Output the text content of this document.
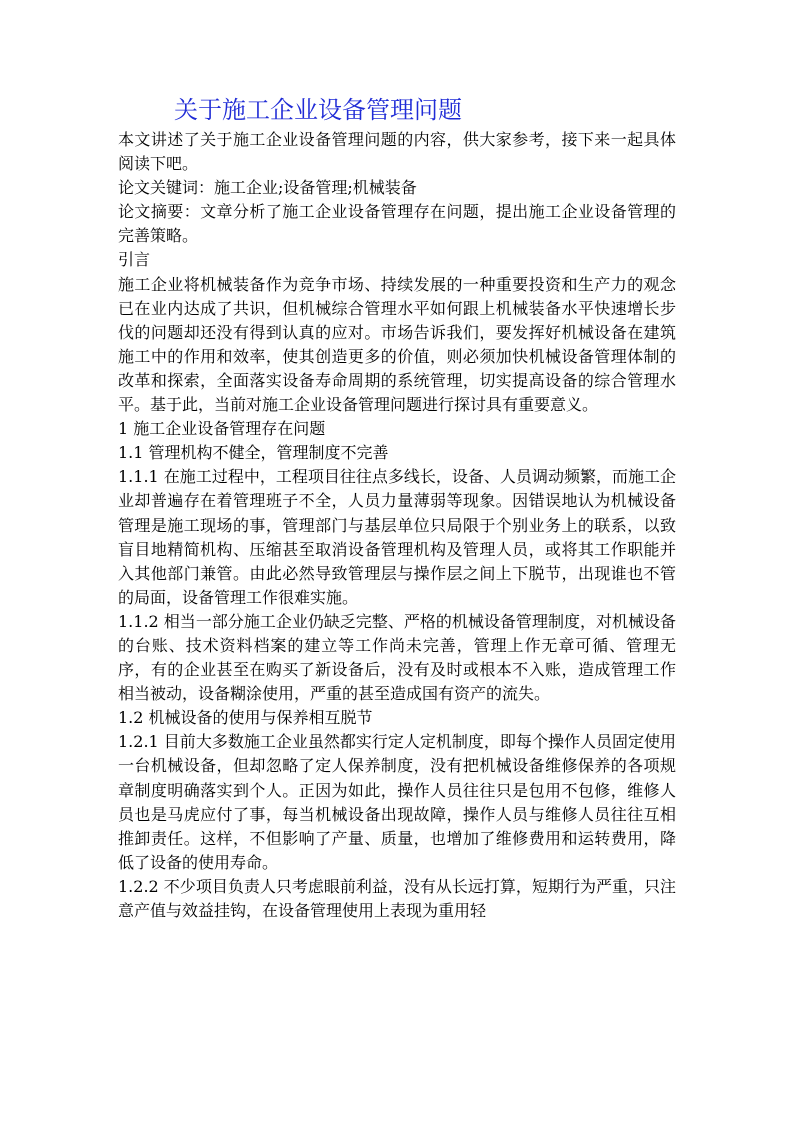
关于施工企业设备管理问题

本文讲述了关于施工企业设备管理问题的内容，供大家参考，接下来一起具体阅读下吧。

论文关键词：施工企业;设备管理;机械装备

论文摘要：文章分析了施工企业设备管理存在问题，提出施工企业设备管理的完善策略。

引言

施工企业将机械装备作为竞争市场、持续发展的一种重要投资和生产力的观念已在业内达成了共识，但机械综合管理水平如何跟上机械装备水平快速增长步伐的问题却还没有得到认真的应对。市场告诉我们，要发挥好机械设备在建筑施工中的作用和效率，使其创造更多的价值，则必须加快机械设备管理体制的改革和探索，全面落实设备寿命周期的系统管理，切实提高设备的综合管理水平。基于此，当前对施工企业设备管理问题进行探讨具有重要意义。

1 施工企业设备管理存在问题

1.1 管理机构不健全，管理制度不完善

1.1.1 在施工过程中，工程项目往往点多线长，设备、人员调动频繁，而施工企业却普遍存在着管理班子不全，人员力量薄弱等现象。因错误地认为机械设备管理是施工现场的事，管理部门与基层单位只局限于个别业务上的联系，以致盲目地精简机构、压缩甚至取消设备管理机构及管理人员，或将其工作职能并入其他部门兼管。由此必然导致管理层与操作层之间上下脱节，出现谁也不管的局面，设备管理工作很难实施。

1.1.2 相当一部分施工企业仍缺乏完整、严格的机械设备管理制度，对机械设备的台账、技术资料档案的建立等工作尚未完善，管理上作无章可循、管理无序，有的企业甚至在购买了新设备后，没有及时或根本不入账，造成管理工作相当被动，设备糊涂使用，严重的甚至造成国有资产的流失。

1.2 机械设备的使用与保养相互脱节

1.2.1 目前大多数施工企业虽然都实行定人定机制度，即每个操作人员固定使用一台机械设备，但却忽略了定人保养制度，没有把机械设备维修保养的各项规章制度明确落实到个人。正因为如此，操作人员往往只是包用不包修，维修人员也是马虎应付了事，每当机械设备出现故障，操作人员与维修人员往往互相推卸责任。这样，不但影响了产量、质量，也增加了维修费用和运转费用，降低了设备的使用寿命。

1.2.2 不少项目负责人只考虑眼前利益，没有从长远打算，短期行为严重，只注意产值与效益挂钩，在设备管理使用上表现为重用轻
